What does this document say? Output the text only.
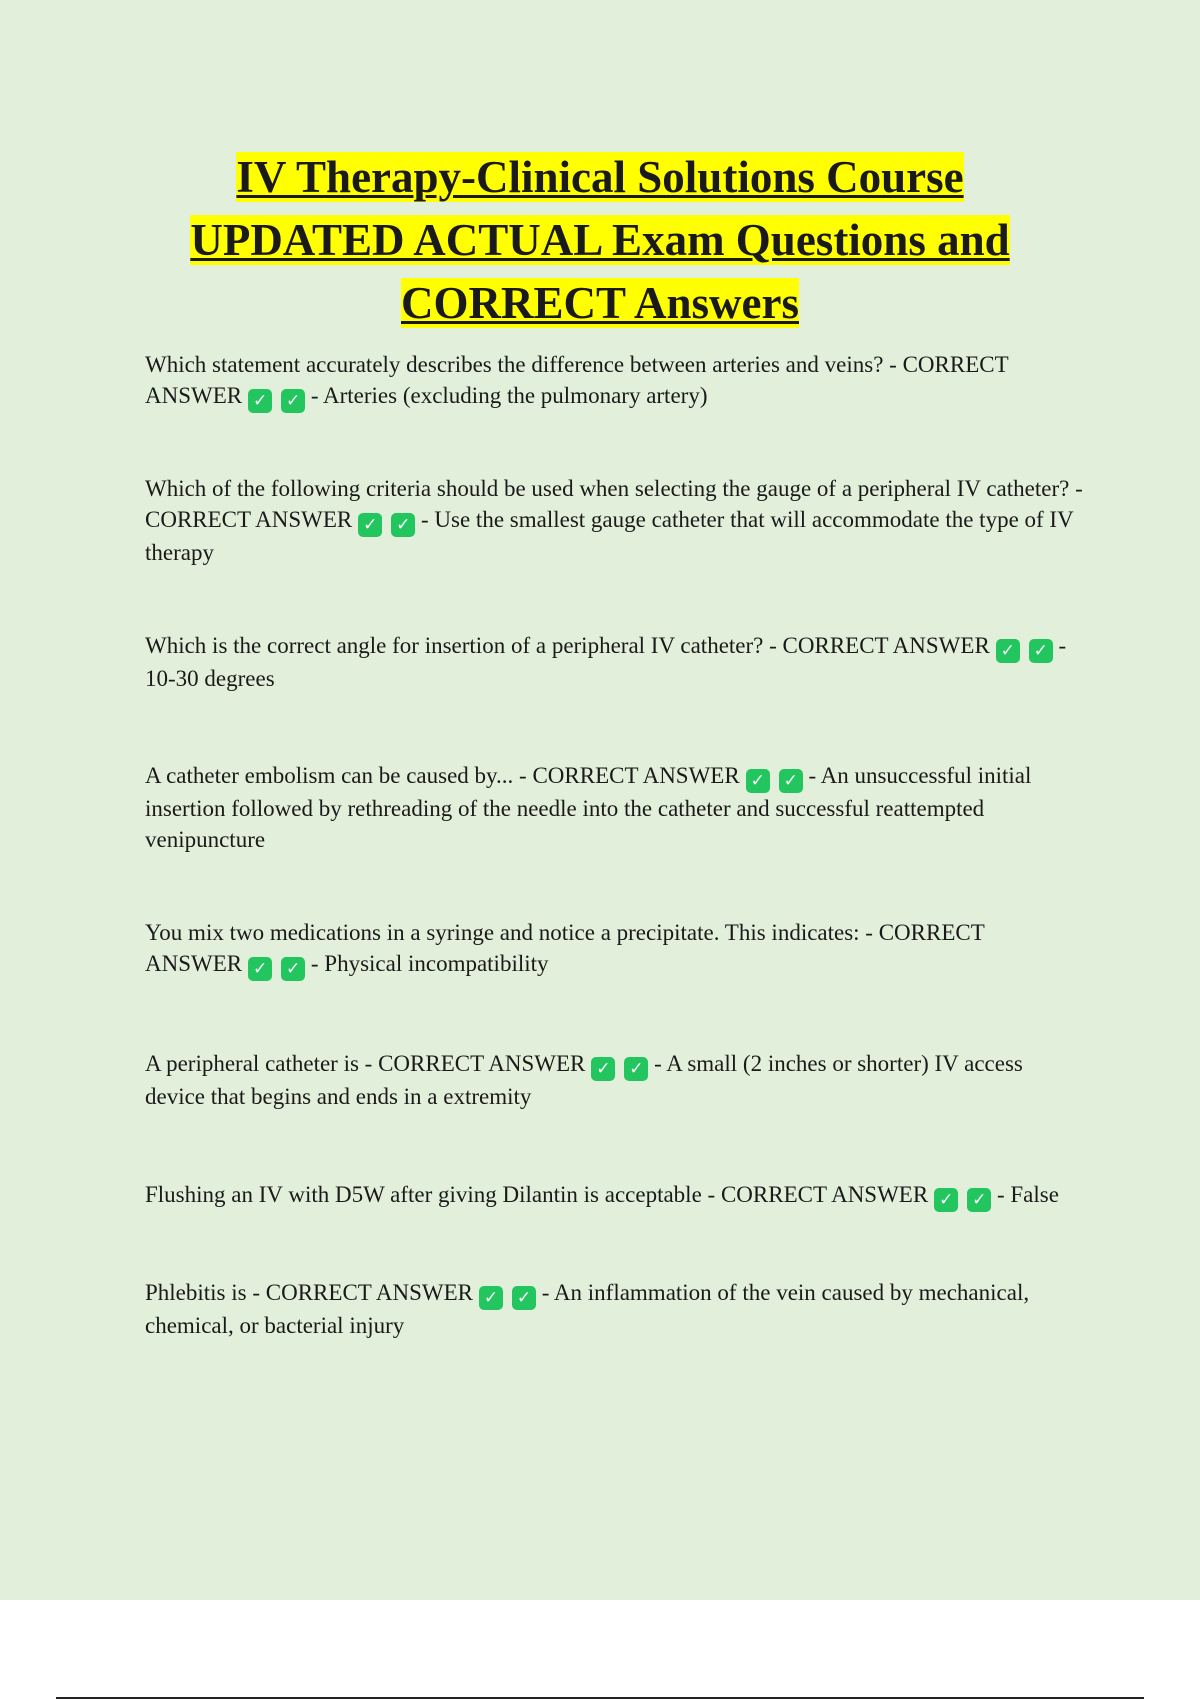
IV Therapy-Clinical Solutions Course
UPDATED ACTUAL Exam Questions and
CORRECT Answers

Which statement accurately describes the difference between arteries and veins? - CORRECT ANSWER ✓ ✓ - Arteries (excluding the pulmonary artery)

Which of the following criteria should be used when selecting the gauge of a peripheral IV catheter? - CORRECT ANSWER ✓ ✓ - Use the smallest gauge catheter that will accommodate the type of IV therapy

Which is the correct angle for insertion of a peripheral IV catheter? - CORRECT ANSWER ✓ ✓ - 10-30 degrees

A catheter embolism can be caused by... - CORRECT ANSWER ✓ ✓ - An unsuccessful initial insertion followed by rethreading of the needle into the catheter and successful reattempted venipuncture

You mix two medications in a syringe and notice a precipitate. This indicates: - CORRECT ANSWER ✓ ✓ - Physical incompatibility

A peripheral catheter is - CORRECT ANSWER ✓ ✓ - A small (2 inches or shorter) IV access device that begins and ends in a extremity

Flushing an IV with D5W after giving Dilantin is acceptable - CORRECT ANSWER ✓ ✓ - False

Phlebitis is - CORRECT ANSWER ✓ ✓ - An inflammation of the vein caused by mechanical, chemical, or bacterial injury
